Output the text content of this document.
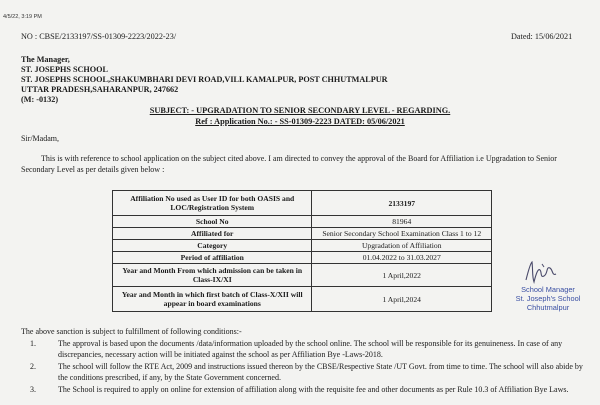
4/5/22, 3:19 PM
NO : CBSE/2133197/SS-01309-2223/2022-23/	Dated: 15/06/2021
The Manager,
ST. JOSEPHS SCHOOL
ST. JOSEPHS SCHOOL,SHAKUMBHARI DEVI ROAD,VILL KAMALPUR, POST CHHUTMALPUR
UTTAR PRADESH,SAHARANPUR, 247662
(M: -0132)
SUBJECT: - UPGRADATION TO SENIOR SECONDARY LEVEL - REGARDING.
Ref : Application No.: - SS-01309-2223 DATED: 05/06/2021
Sir/Madam,
This is with reference to school application on the subject cited above. I am directed to convey the approval of the Board for Affiliation i.e Upgradation to Senior Secondary Level as per details given below :
Affiliation No used as User ID for both OASIS and LOC/Registration System	2133197
School No	81964
Affiliated for	Senior Secondary School Examination Class 1 to 12
Category	Upgradation of Affiliation
Period of affiliation	01.04.2022 to 31.03.2027
Year and Month From which admission can be taken in Class-IX/XI	1 April,2022
Year and Month in which first batch of Class-X/XII will appear in board examinations	1 April,2024
School Manager
St. Joseph's School
Chhutmalpur
The above sanction is subject to fulfillment of following conditions:-
1.	The approval is based upon the documents /data/information uploaded by the school online. The school will be responsible for its genuineness. In case of any discrepancies, necessary action will be initiated against the school as per Affiliation Bye -Laws-2018.
2.	The school will follow the RTE Act, 2009 and instructions issued thereon by the CBSE/Respective State /UT Govt. from time to time. The school will also abide by the conditions prescribed, if any, by the State Government concerned.
3.	The School is required to apply on online for extension of affiliation along with the requisite fee and other documents as per Rule 10.3 of Affiliation Bye Laws.
